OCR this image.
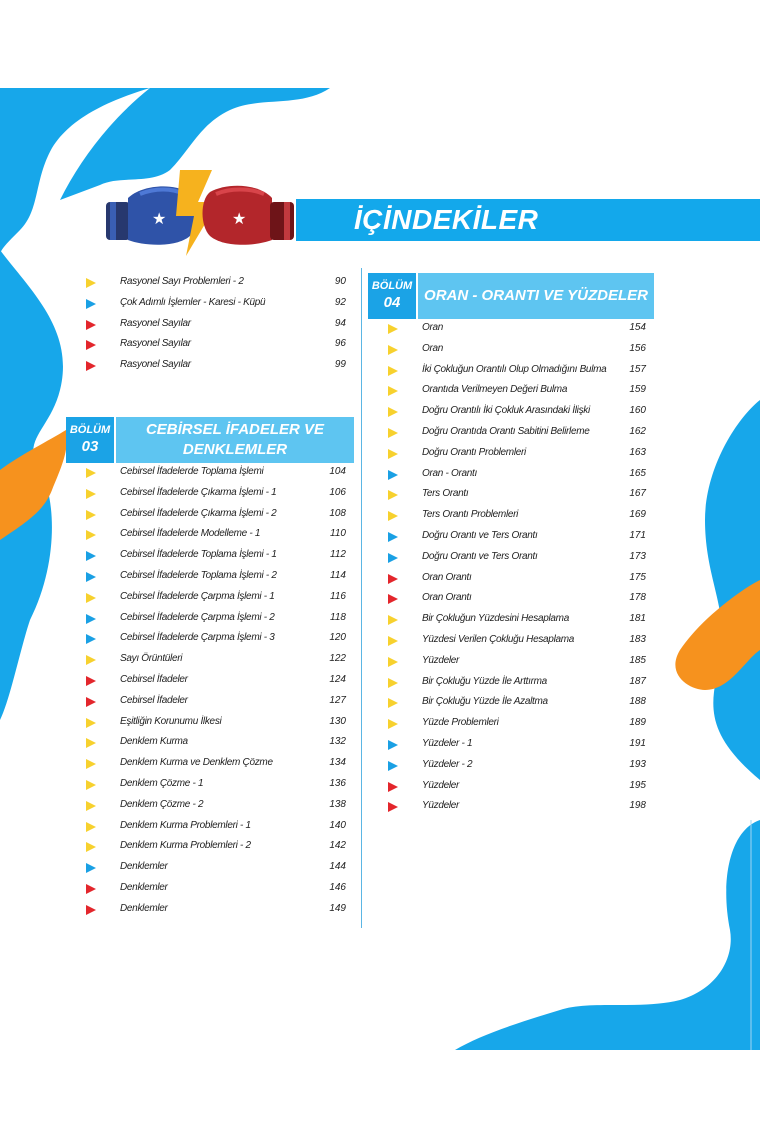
İÇİNDEKİLER
★	★
Rasyonel Sayı Problemleri - 2	90
Çok Adımlı İşlemler - Karesi - Küpü	92
Rasyonel Sayılar	94
Rasyonel Sayılar	96
Rasyonel Sayılar	99
BÖLÜM
03
CEBİRSEL İFADELER VE DENKLEMLER
Cebirsel İfadelerde Toplama İşlemi	104
Cebirsel İfadelerde Çıkarma İşlemi - 1	106
Cebirsel İfadelerde Çıkarma İşlemi - 2	108
Cebirsel İfadelerde Modelleme - 1	110
Cebirsel İfadelerde Toplama İşlemi - 1	112
Cebirsel İfadelerde Toplama İşlemi - 2	114
Cebirsel İfadelerde Çarpma İşlemi - 1	116
Cebirsel İfadelerde Çarpma İşlemi - 2	118
Cebirsel İfadelerde Çarpma İşlemi - 3	120
Sayı Örüntüleri	122
Cebirsel İfadeler	124
Cebirsel İfadeler	127
Eşitliğin Korunumu İlkesi	130
Denklem Kurma	132
Denklem Kurma ve Denklem Çözme	134
Denklem Çözme - 1	136
Denklem Çözme - 2	138
Denklem Kurma Problemleri - 1	140
Denklem Kurma Problemleri - 2	142
Denklemler	144
Denklemler	146
Denklemler	149
BÖLÜM
04	ORAN - ORANTI VE YÜZDELER
Oran	154
Oran	156
İki Çokluğun Orantılı Olup Olmadığını Bulma 157
Orantıda Verilmeyen Değeri Bulma	159
Doğru Orantılı İki Çokluk Arasındaki İlişki	160
Doğru Orantıda Orantı Sabitini Belirleme	162
Doğru Orantı Problemleri	163
Oran - Orantı	165
Ters Orantı	167
Ters Orantı Problemleri	169
Doğru Orantı ve Ters Orantı	171
Doğru Orantı ve Ters Orantı	173
Oran Orantı	175
Oran Orantı	178
Bir Çokluğun Yüzdesini Hesaplama	181
Yüzdesi Verilen Çokluğu Hesaplama	183
Yüzdeler	185
Bir Çokluğu Yüzde İle Arttırma	187
Bir Çokluğu Yüzde İle Azaltma	188
Yüzde Problemleri	189
Yüzdeler - 1	191
Yüzdeler - 2	193
Yüzdeler	195
Yüzdeler	198
